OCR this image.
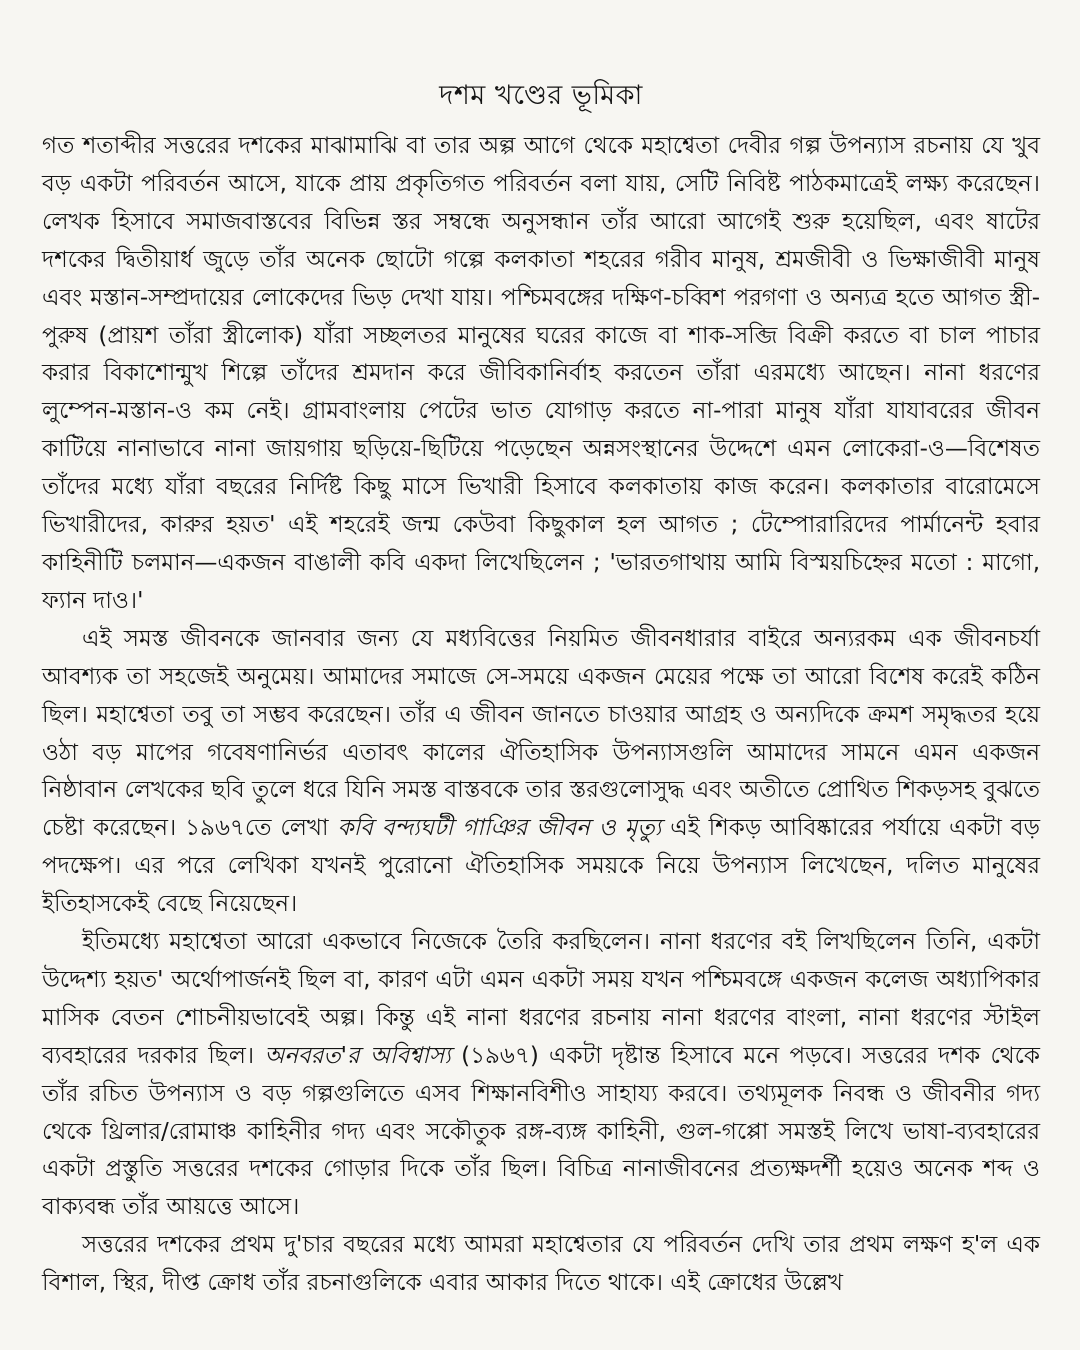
দশম খণ্ডের ভূমিকা

গত শতাব্দীর সত্তরের দশকের মাঝামাঝি বা তার অল্প আগে থেকে মহাশ্বেতা দেবীর গল্প উপন্যাস রচনায় যে খুব বড় একটা পরিবর্তন আসে, যাকে প্রায় প্রকৃতিগত পরিবর্তন বলা যায়, সেটি নিবিষ্ট পাঠকমাত্রেই লক্ষ্য করেছেন। লেখক হিসাবে সমাজবাস্তবের বিভিন্ন স্তর সম্বন্ধে অনুসন্ধান তাঁর আরো আগেই শুরু হয়েছিল, এবং ষাটের দশকের দ্বিতীয়ার্ধ জুড়ে তাঁর অনেক ছোটো গল্পে কলকাতা শহরের গরীব মানুষ, শ্রমজীবী ও ভিক্ষাজীবী মানুষ এবং মস্তান-সম্প্রদায়ের লোকেদের ভিড় দেখা যায়। পশ্চিমবঙ্গের দক্ষিণ-চব্বিশ পরগণা ও অন্যত্র হতে আগত স্ত্রী-পুরুষ (প্রায়শ তাঁরা স্ত্রীলোক) যাঁরা সচ্ছলতর মানুষের ঘরের কাজে বা শাক-সব্জি বিক্রী করতে বা চাল পাচার করার বিকাশোন্মুখ শিল্পে তাঁদের শ্রমদান করে জীবিকানির্বাহ করতেন তাঁরা এরমধ্যে আছেন। নানা ধরণের লুম্পেন-মস্তান-ও কম নেই। গ্রামবাংলায় পেটের ভাত যোগাড় করতে না-পারা মানুষ যাঁরা যাযাবরের জীবন কাটিয়ে নানাভাবে নানা জায়গায় ছড়িয়ে-ছিটিয়ে পড়েছেন অন্নসংস্থানের উদ্দেশে এমন লোকেরা-ও—বিশেষত তাঁদের মধ্যে যাঁরা বছরের নির্দিষ্ট কিছু মাসে ভিখারী হিসাবে কলকাতায় কাজ করেন। কলকাতার বারোমেসে ভিখারীদের, কারুর হয়ত' এই শহরেই জন্ম কেউবা কিছুকাল হল আগত ; টেম্পোরারিদের পার্মানেন্ট হবার কাহিনীটি চলমান—একজন বাঙালী কবি একদা লিখেছিলেন ; 'ভারতগাথায় আমি বিস্ময়চিহ্নের মতো : মাগো, ফ্যান দাও।'

এই সমস্ত জীবনকে জানবার জন্য যে মধ্যবিত্তের নিয়মিত জীবনধারার বাইরে অন্যরকম এক জীবনচর্যা আবশ্যক তা সহজেই অনুমেয়। আমাদের সমাজে সে-সময়ে একজন মেয়ের পক্ষে তা আরো বিশেষ করেই কঠিন ছিল। মহাশ্বেতা তবু তা সম্ভব করেছেন। তাঁর এ জীবন জানতে চাওয়ার আগ্রহ ও অন্যদিকে ক্রমশ সমৃদ্ধতর হয়ে ওঠা বড় মাপের গবেষণানির্ভর এতাবৎ কালের ঐতিহাসিক উপন্যাসগুলি আমাদের সামনে এমন একজন নিষ্ঠাবান লেখকের ছবি তুলে ধরে যিনি সমস্ত বাস্তবকে তার স্তরগুলোসুদ্ধ এবং অতীতে প্রোথিত শিকড়সহ বুঝতে চেষ্টা করেছেন। ১৯৬৭তে লেখা কবি বন্দ্যঘটী গাঞির জীবন ও মৃত্যু এই শিকড় আবিষ্কারের পর্যায়ে একটা বড় পদক্ষেপ। এর পরে লেখিকা যখনই পুরোনো ঐতিহাসিক সময়কে নিয়ে উপন্যাস লিখেছেন, দলিত মানুষের ইতিহাসকেই বেছে নিয়েছেন।

ইতিমধ্যে মহাশ্বেতা আরো একভাবে নিজেকে তৈরি করছিলেন। নানা ধরণের বই লিখছিলেন তিনি, একটা উদ্দেশ্য হয়ত' অর্থোপার্জনই ছিল বা, কারণ এটা এমন একটা সময় যখন পশ্চিমবঙ্গে একজন কলেজ অধ্যাপিকার মাসিক বেতন শোচনীয়ভাবেই অল্প। কিন্তু এই নানা ধরণের রচনায় নানা ধরণের বাংলা, নানা ধরণের স্টাইল ব্যবহারের দরকার ছিল। অনবরত'র অবিশ্বাস্য (১৯৬৭) একটা দৃষ্টান্ত হিসাবে মনে পড়বে। সত্তরের দশক থেকে তাঁর রচিত উপন্যাস ও বড় গল্পগুলিতে এসব শিক্ষানবিশীও সাহায্য করবে। তথ্যমূলক নিবন্ধ ও জীবনীর গদ্য থেকে থ্রিলার/রোমাঞ্চ কাহিনীর গদ্য এবং সকৌতুক রঙ্গ-ব্যঙ্গ কাহিনী, গুল-গপ্পো সমস্তই লিখে ভাষা-ব্যবহারের একটা প্রস্তুতি সত্তরের দশকের গোড়ার দিকে তাঁর ছিল। বিচিত্র নানাজীবনের প্রত্যক্ষদর্শী হয়েও অনেক শব্দ ও বাক্যবন্ধ তাঁর আয়ত্তে আসে।

সত্তরের দশকের প্রথম দু'চার বছরের মধ্যে আমরা মহাশ্বেতার যে পরিবর্তন দেখি তার প্রথম লক্ষণ হ'ল এক বিশাল, স্থির, দীপ্ত ক্রোধ তাঁর রচনাগুলিকে এবার আকার দিতে থাকে। এই ক্রোধের উল্লেখ
